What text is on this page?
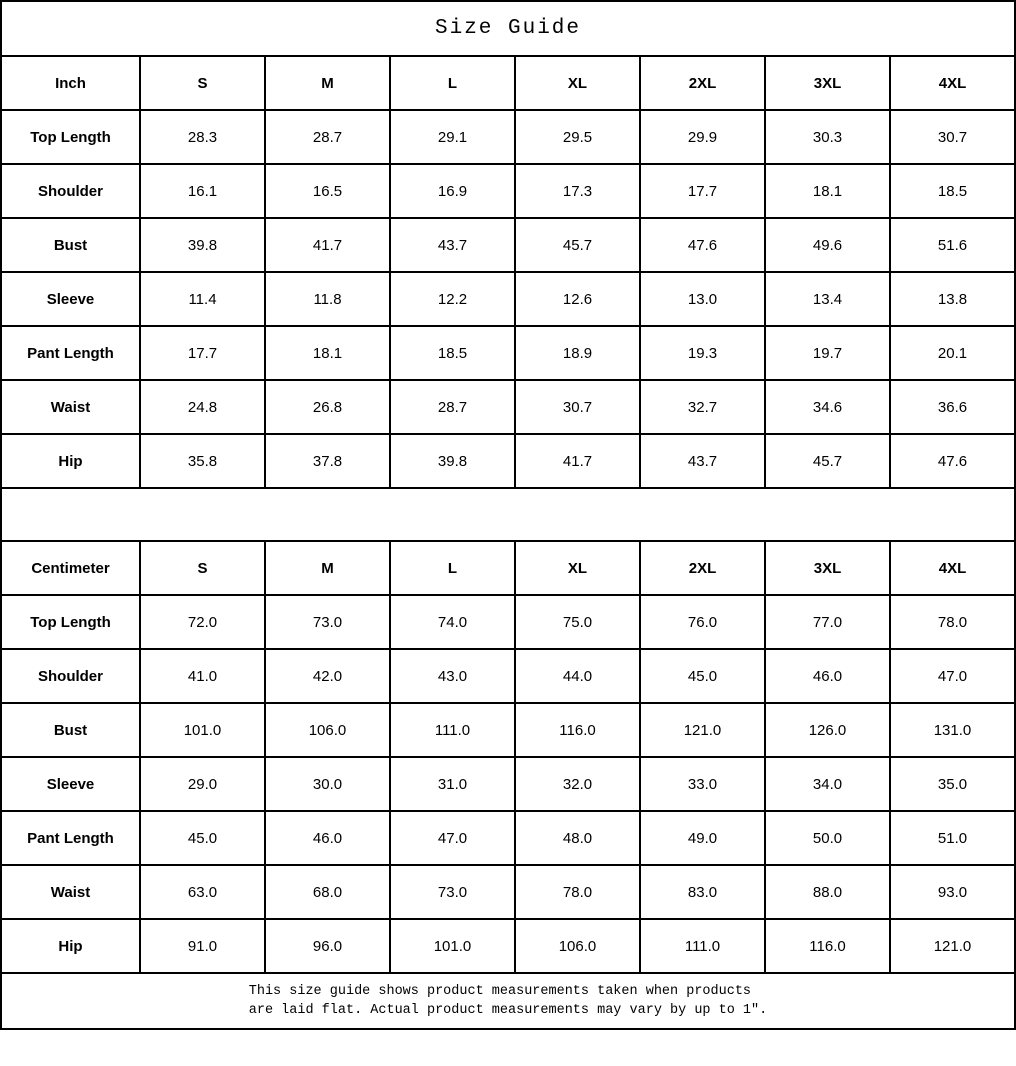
Size Guide							
Inch	S	M	L	XL	2XL	3XL	4XL
Top Length	28.3	28.7	29.1	29.5	29.9	30.3	30.7
Shoulder	16.1	16.5	16.9	17.3	17.7	18.1	18.5
Bust	39.8	41.7	43.7	45.7	47.6	49.6	51.6
Sleeve	11.4	11.8	12.2	12.6	13.0	13.4	13.8
Pant Length	17.7	18.1	18.5	18.9	19.3	19.7	20.1
Waist	24.8	26.8	28.7	30.7	32.7	34.6	36.6
Hip	35.8	37.8	39.8	41.7	43.7	45.7	47.6

Centimeter	S	M	L	XL	2XL	3XL	4XL
Top Length	72.0	73.0	74.0	75.0	76.0	77.0	78.0
Shoulder	41.0	42.0	43.0	44.0	45.0	46.0	47.0
Bust	101.0	106.0	111.0	116.0	121.0	126.0	131.0
Sleeve	29.0	30.0	31.0	32.0	33.0	34.0	35.0
Pant Length	45.0	46.0	47.0	48.0	49.0	50.0	51.0
Waist	63.0	68.0	73.0	78.0	83.0	88.0	93.0
Hip	91.0	96.0	101.0	106.0	111.0	116.0	121.0

This size guide shows product measurements taken when products
are laid flat. Actual product measurements may vary by up to 1″.							
